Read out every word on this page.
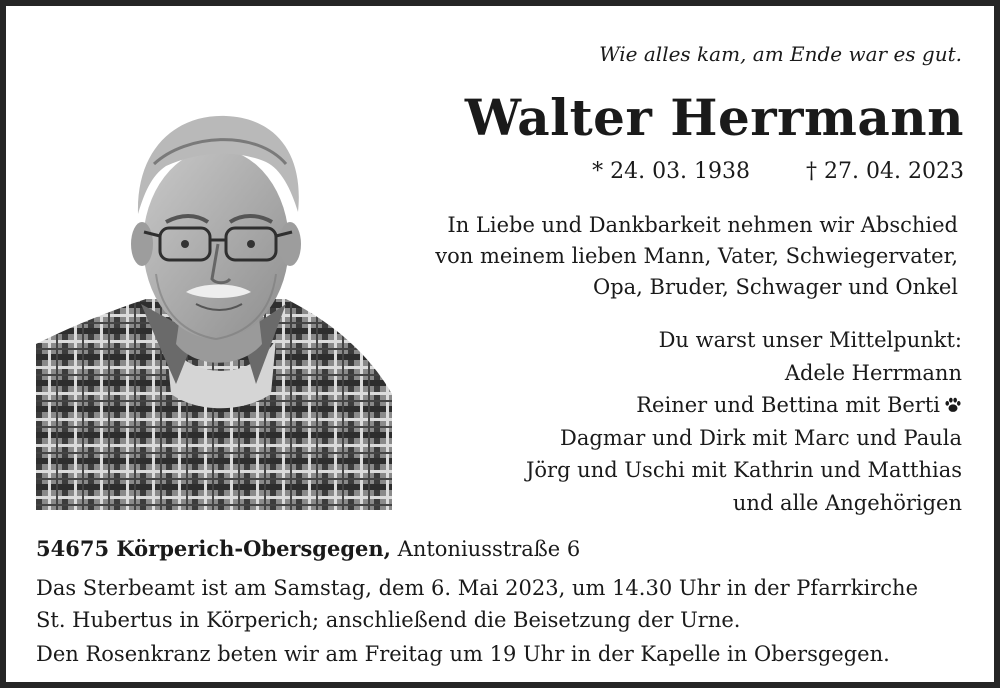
Wie alles kam, am Ende war es gut.
Walter Herrmann
* 24. 03. 1938	† 27. 04. 2023
In Liebe und Dankbarkeit nehmen wir Abschied
von meinem lieben Mann, Vater, Schwiegervater,
Opa, Bruder, Schwager und Onkel
Du warst unser Mittelpunkt:
Adele Herrmann
Reiner und Bettina mit Berti
Dagmar und Dirk mit Marc und Paula
Jörg und Uschi mit Kathrin und Matthias
und alle Angehörigen
54675 Körperich-Obersgegen, Antoniusstraße 6
Das Sterbeamt ist am Samstag, dem 6. Mai 2023, um 14.30 Uhr in der Pfarrkirche
St. Hubertus in Körperich; anschließend die Beisetzung der Urne.
Den Rosenkranz beten wir am Freitag um 19 Uhr in der Kapelle in Obersgegen.
